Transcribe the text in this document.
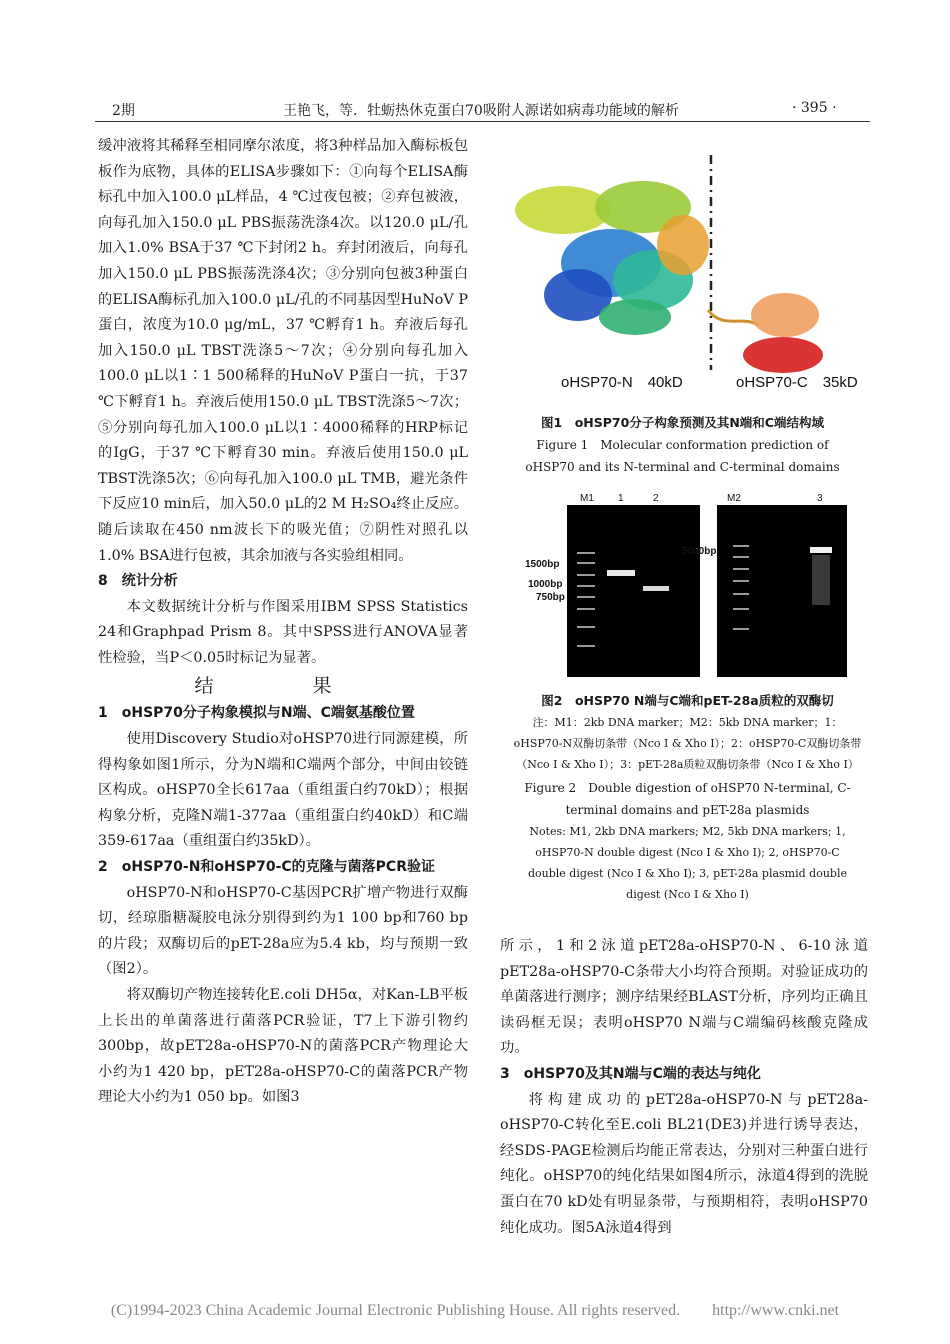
2期	王艳飞，等．牡蛎热休克蛋白70吸附人源诺如病毒功能域的解析	· 395 ·

缓冲液将其稀释至相同摩尔浓度，将3种样品加入酶标板包板作为底物，具体的ELISA步骤如下：①向每个ELISA酶标孔中加入100.0 μL样品，4 ℃过夜包被；②弃包被液，向每孔加入150.0 μL PBS振荡洗涤4次。以120.0 μL/孔加入1.0% BSA于37 ℃下封闭2 h。弃封闭液后，向每孔加入150.0 μL PBS振荡洗涤4次；③分别向包被3种蛋白的ELISA酶标孔加入100.0 μL/孔的不同基因型HuNoV P蛋白，浓度为10.0 μg/mL，37 ℃孵育1 h。弃液后每孔加入150.0 μL TBST洗涤5～7次；④分别向每孔加入100.0 μL以1∶1 500稀释的HuNoV P蛋白一抗，于37 ℃下孵育1 h。弃液后使用150.0 μL TBST洗涤5～7次；⑤分别向每孔加入100.0 μL以1∶4000稀释的HRP标记的IgG，于37 ℃下孵育30 min。弃液后使用150.0 μL TBST洗涤5次；⑥向每孔加入100.0 μL TMB，避光条件下反应10 min后，加入50.0 μL的2 M H₂SO₄终止反应。随后读取在450 nm波长下的吸光值；⑦阴性对照孔以1.0% BSA进行包被，其余加液与各实验组相同。

8　统计分析

本文数据统计分析与作图采用IBM SPSS Statistics 24和Graphpad Prism 8。其中SPSS进行ANOVA显著性检验，当P＜0.05时标记为显著。

结　果

1　oHSP70分子构象模拟与N端、C端氨基酸位置

使用Discovery Studio对oHSP70进行同源建模，所得构象如图1所示，分为N端和C端两个部分，中间由铰链区构成。oHSP70全长617aa（重组蛋白约70kD）；根据构象分析，克隆N端1-377aa（重组蛋白约40kD）和C端359-617aa（重组蛋白约35kD）。

2　oHSP70-N和oHSP70-C的克隆与菌落PCR验证

oHSP70-N和oHSP70-C基因PCR扩增产物进行双酶切，经琼脂糖凝胶电泳分别得到约为1 100 bp和760 bp的片段；双酶切后的pET-28a应为5.4 kb，均与预期一致（图2）。

将双酶切产物连接转化E.coli DH5α，对Kan-LB平板上长出的单菌落进行菌落PCR验证，T7上下游引物约300bp，故pET28a-oHSP70-N的菌落PCR产物理论大小约为1 420 bp，pET28a-oHSP70-C的菌落PCR产物理论大小约为1 050 bp。如图3

oHSP70-N　40kD	oHSP70-C　35kD
图1　oHSP70分子构象预测及其N端和C端结构域
Figure 1　Molecular conformation prediction of oHSP70 and its N-terminal and C-terminal domains
M1 1	2	M2	3
1500bp
1000bp
750bp
5000bp
图2　oHSP70 N端与C端和pET-28a质粒的双酶切
注：M1：2kb DNA marker；M2：5kb DNA marker；1：oHSP70-N双酶切条带（Nco Ⅰ & Xho Ⅰ）；2：oHSP70-C双酶切条带（Nco Ⅰ & Xho Ⅰ）；3：pET-28a质粒双酶切条带（Nco Ⅰ & Xho Ⅰ）
Figure 2　Double digestion of oHSP70 N-terminal, C-terminal domains and pET-28a plasmids
Notes: M1, 2kb DNA markers; M2, 5kb DNA markers; 1, oHSP70-N double digest (Nco Ⅰ & Xho Ⅰ); 2, oHSP70-C double digest (Nco Ⅰ & Xho Ⅰ); 3, pET-28a plasmid double digest (Nco Ⅰ & Xho Ⅰ)

所示，1和2泳道pET28a-oHSP70-N、6-10泳道pET28a-oHSP70-C条带大小均符合预期。对验证成功的单菌落进行测序；测序结果经BLAST分析，序列均正确且读码框无误；表明oHSP70 N端与C端编码核酸克隆成功。

3　oHSP70及其N端与C端的表达与纯化

将构建成功的pET28a-oHSP70-N与pET28a-oHSP70-C转化至E.coli BL21(DE3)并进行诱导表达，经SDS-PAGE检测后均能正常表达，分别对三种蛋白进行纯化。oHSP70的纯化结果如图4所示，泳道4得到的洗脱蛋白在70 kD处有明显条带，与预期相符，表明oHSP70纯化成功。图5A泳道4得到

(C)1994-2023 China Academic Journal Electronic Publishing House. All rights reserved.　　http://www.cnki.net
